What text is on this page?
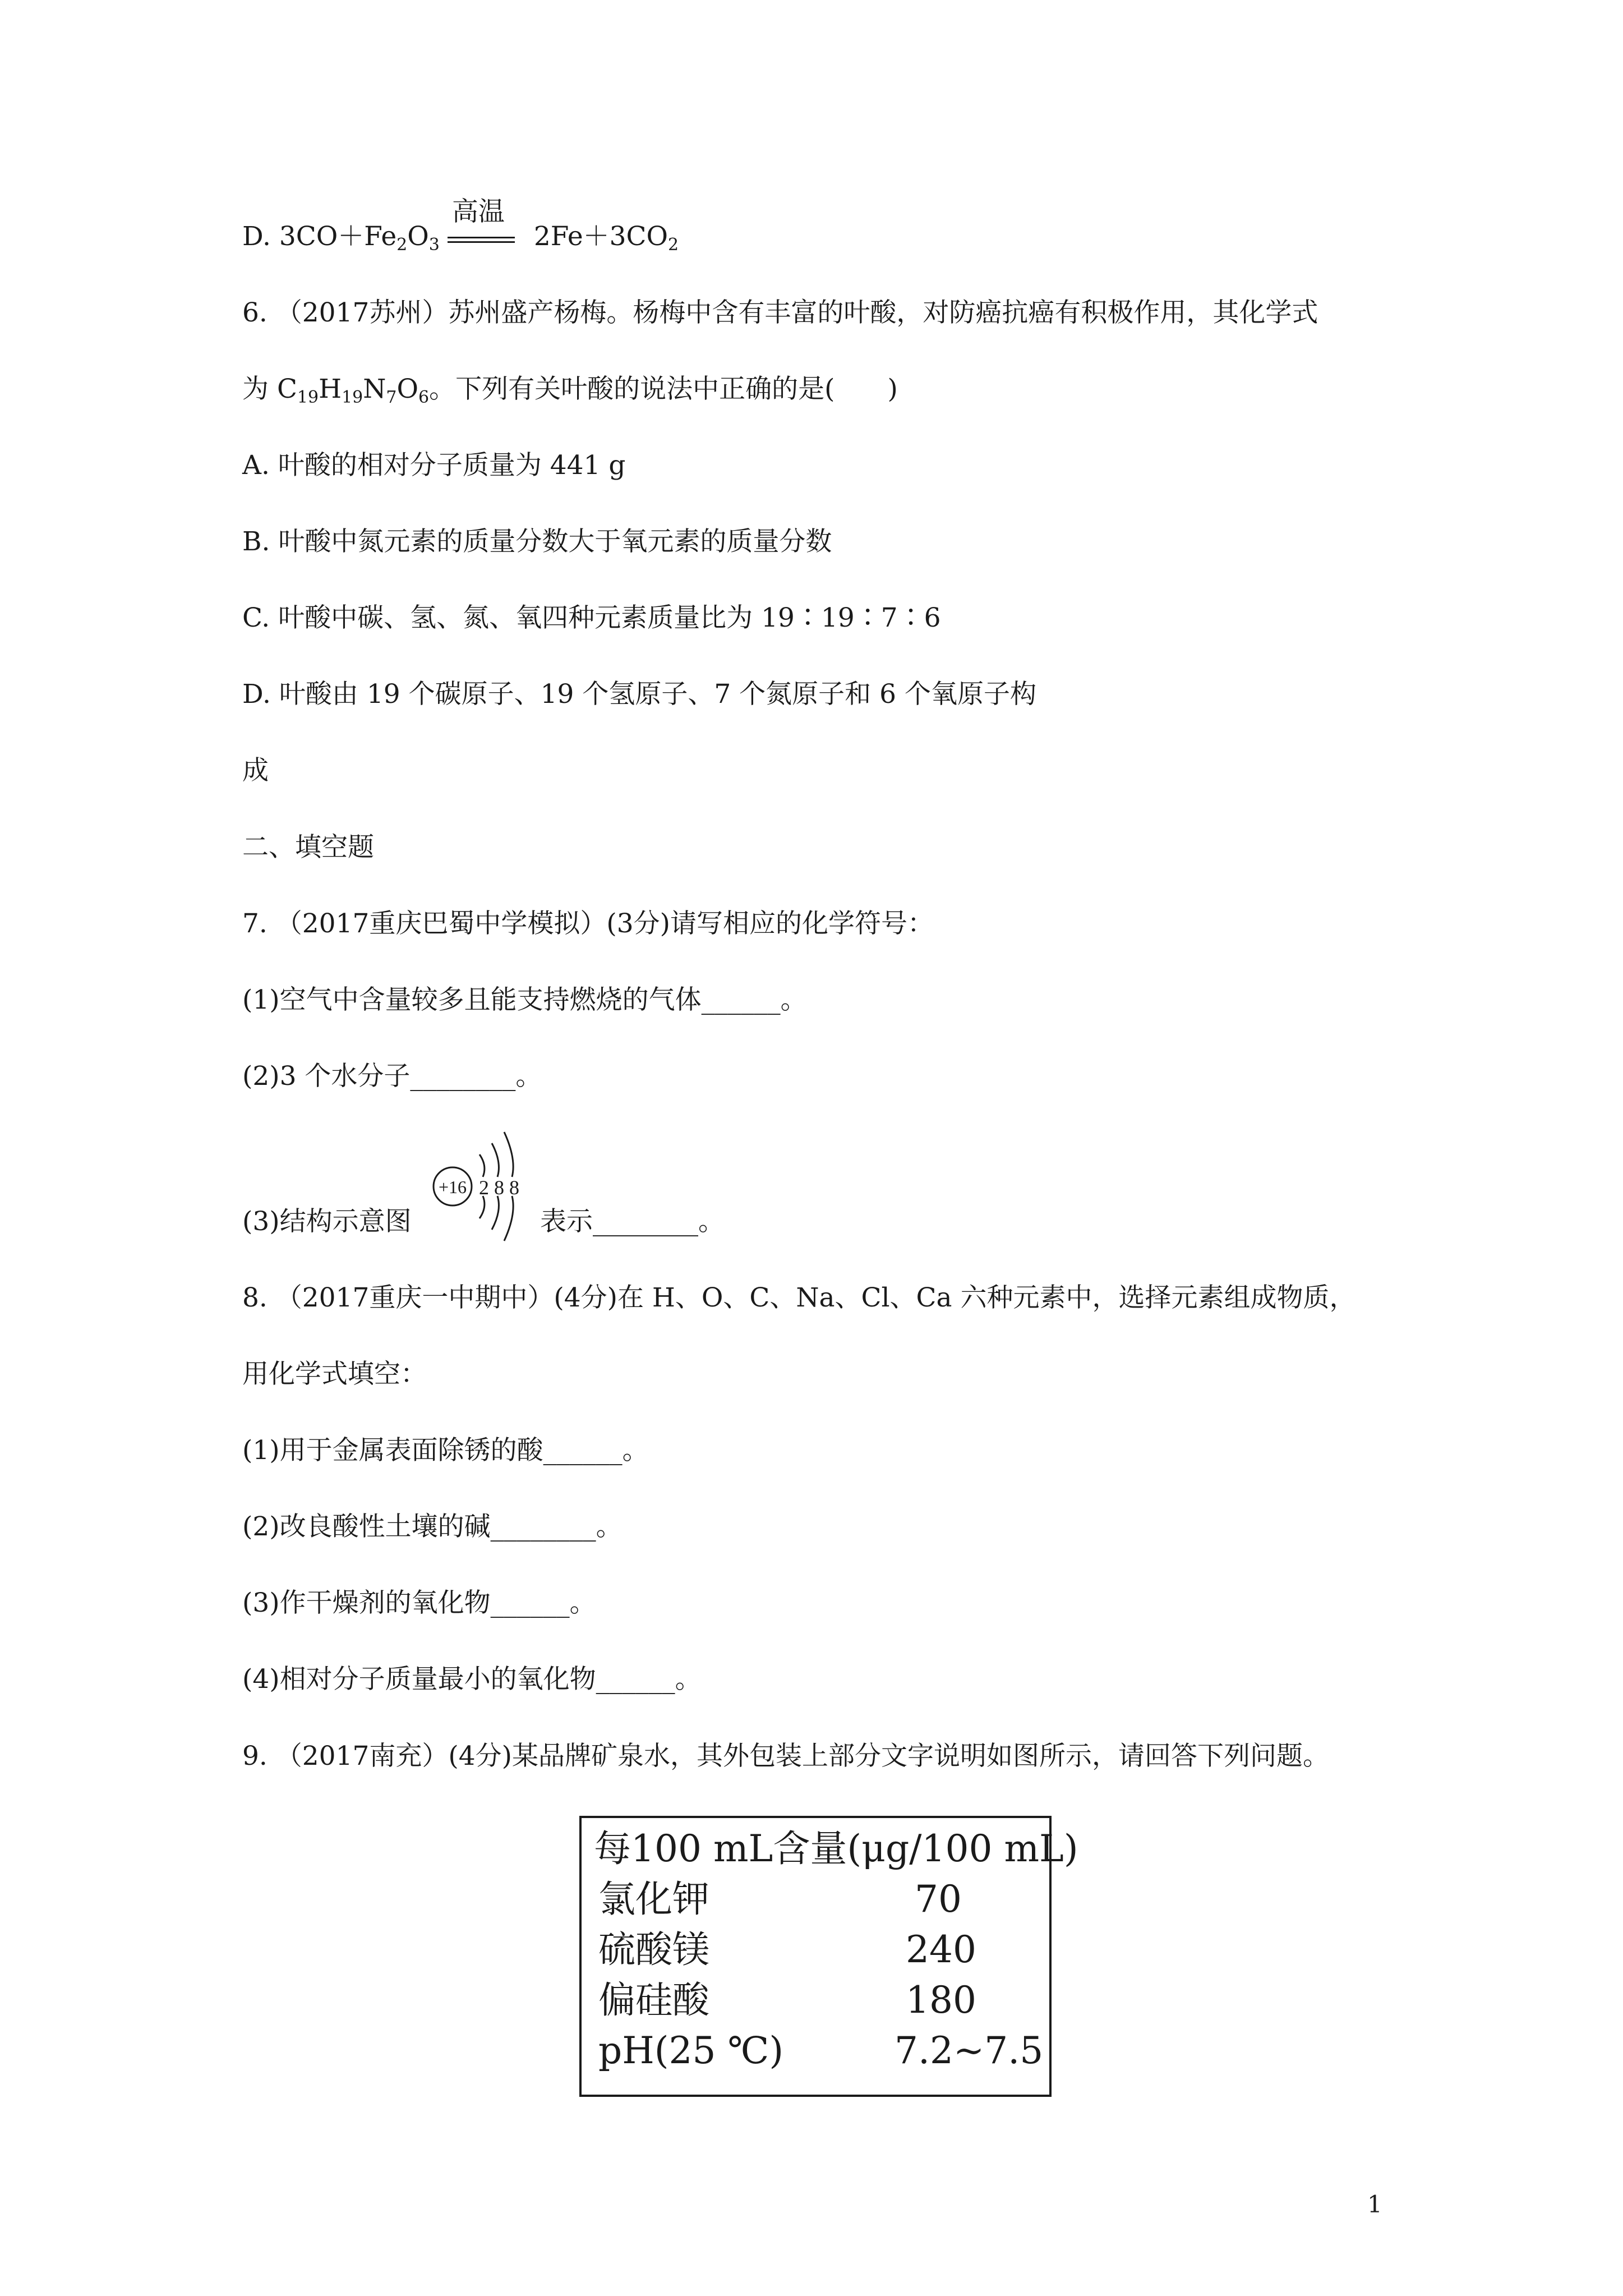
D. $3CO+Fe_2O_3$
高温
$2Fe+3CO_2$
6. （2017苏州）苏州盛产杨梅。杨梅中含有丰富的叶酸，对防癌抗癌有积极作用，其化学式
为 $C_{19}H_{19}N_7O_6$。下列有关叶酸的说法中正确的是(　　)
A. 叶酸的相对分子质量为 441 g
B. 叶酸中氮元素的质量分数大于氧元素的质量分数
C. 叶酸中碳、氢、氮、氧四种元素质量比为 19∶19∶7∶6
D. 叶酸由 19 个碳原子、19 个氢原子、7 个氮原子和 6 个氧原子构
成
二、填空题
7. （2017重庆巴蜀中学模拟）(3分)请写相应的化学符号：
(1)空气中含量较多且能支持燃烧的气体______。
(2)3 个水分子________。
(3)结构示意图	表示________。
+16 2 8 8
8. （2017重庆一中期中）(4分)在 H、O、C、Na、Cl、Ca 六种元素中，选择元素组成物质，
用化学式填空：
(1)用于金属表面除锈的酸______。
(2)改良酸性土壤的碱________。
(3)作干燥剂的氧化物______。
(4)相对分子质量最小的氧化物______。
9. （2017南充）(4分)某品牌矿泉水，其外包装上部分文字说明如图所示，请回答下列问题。
每100 mL含量(μg/100 mL)
氯化钾	70
硫酸镁	240
偏硅酸	180
pH(25 ℃)	7.2~7.5
1
